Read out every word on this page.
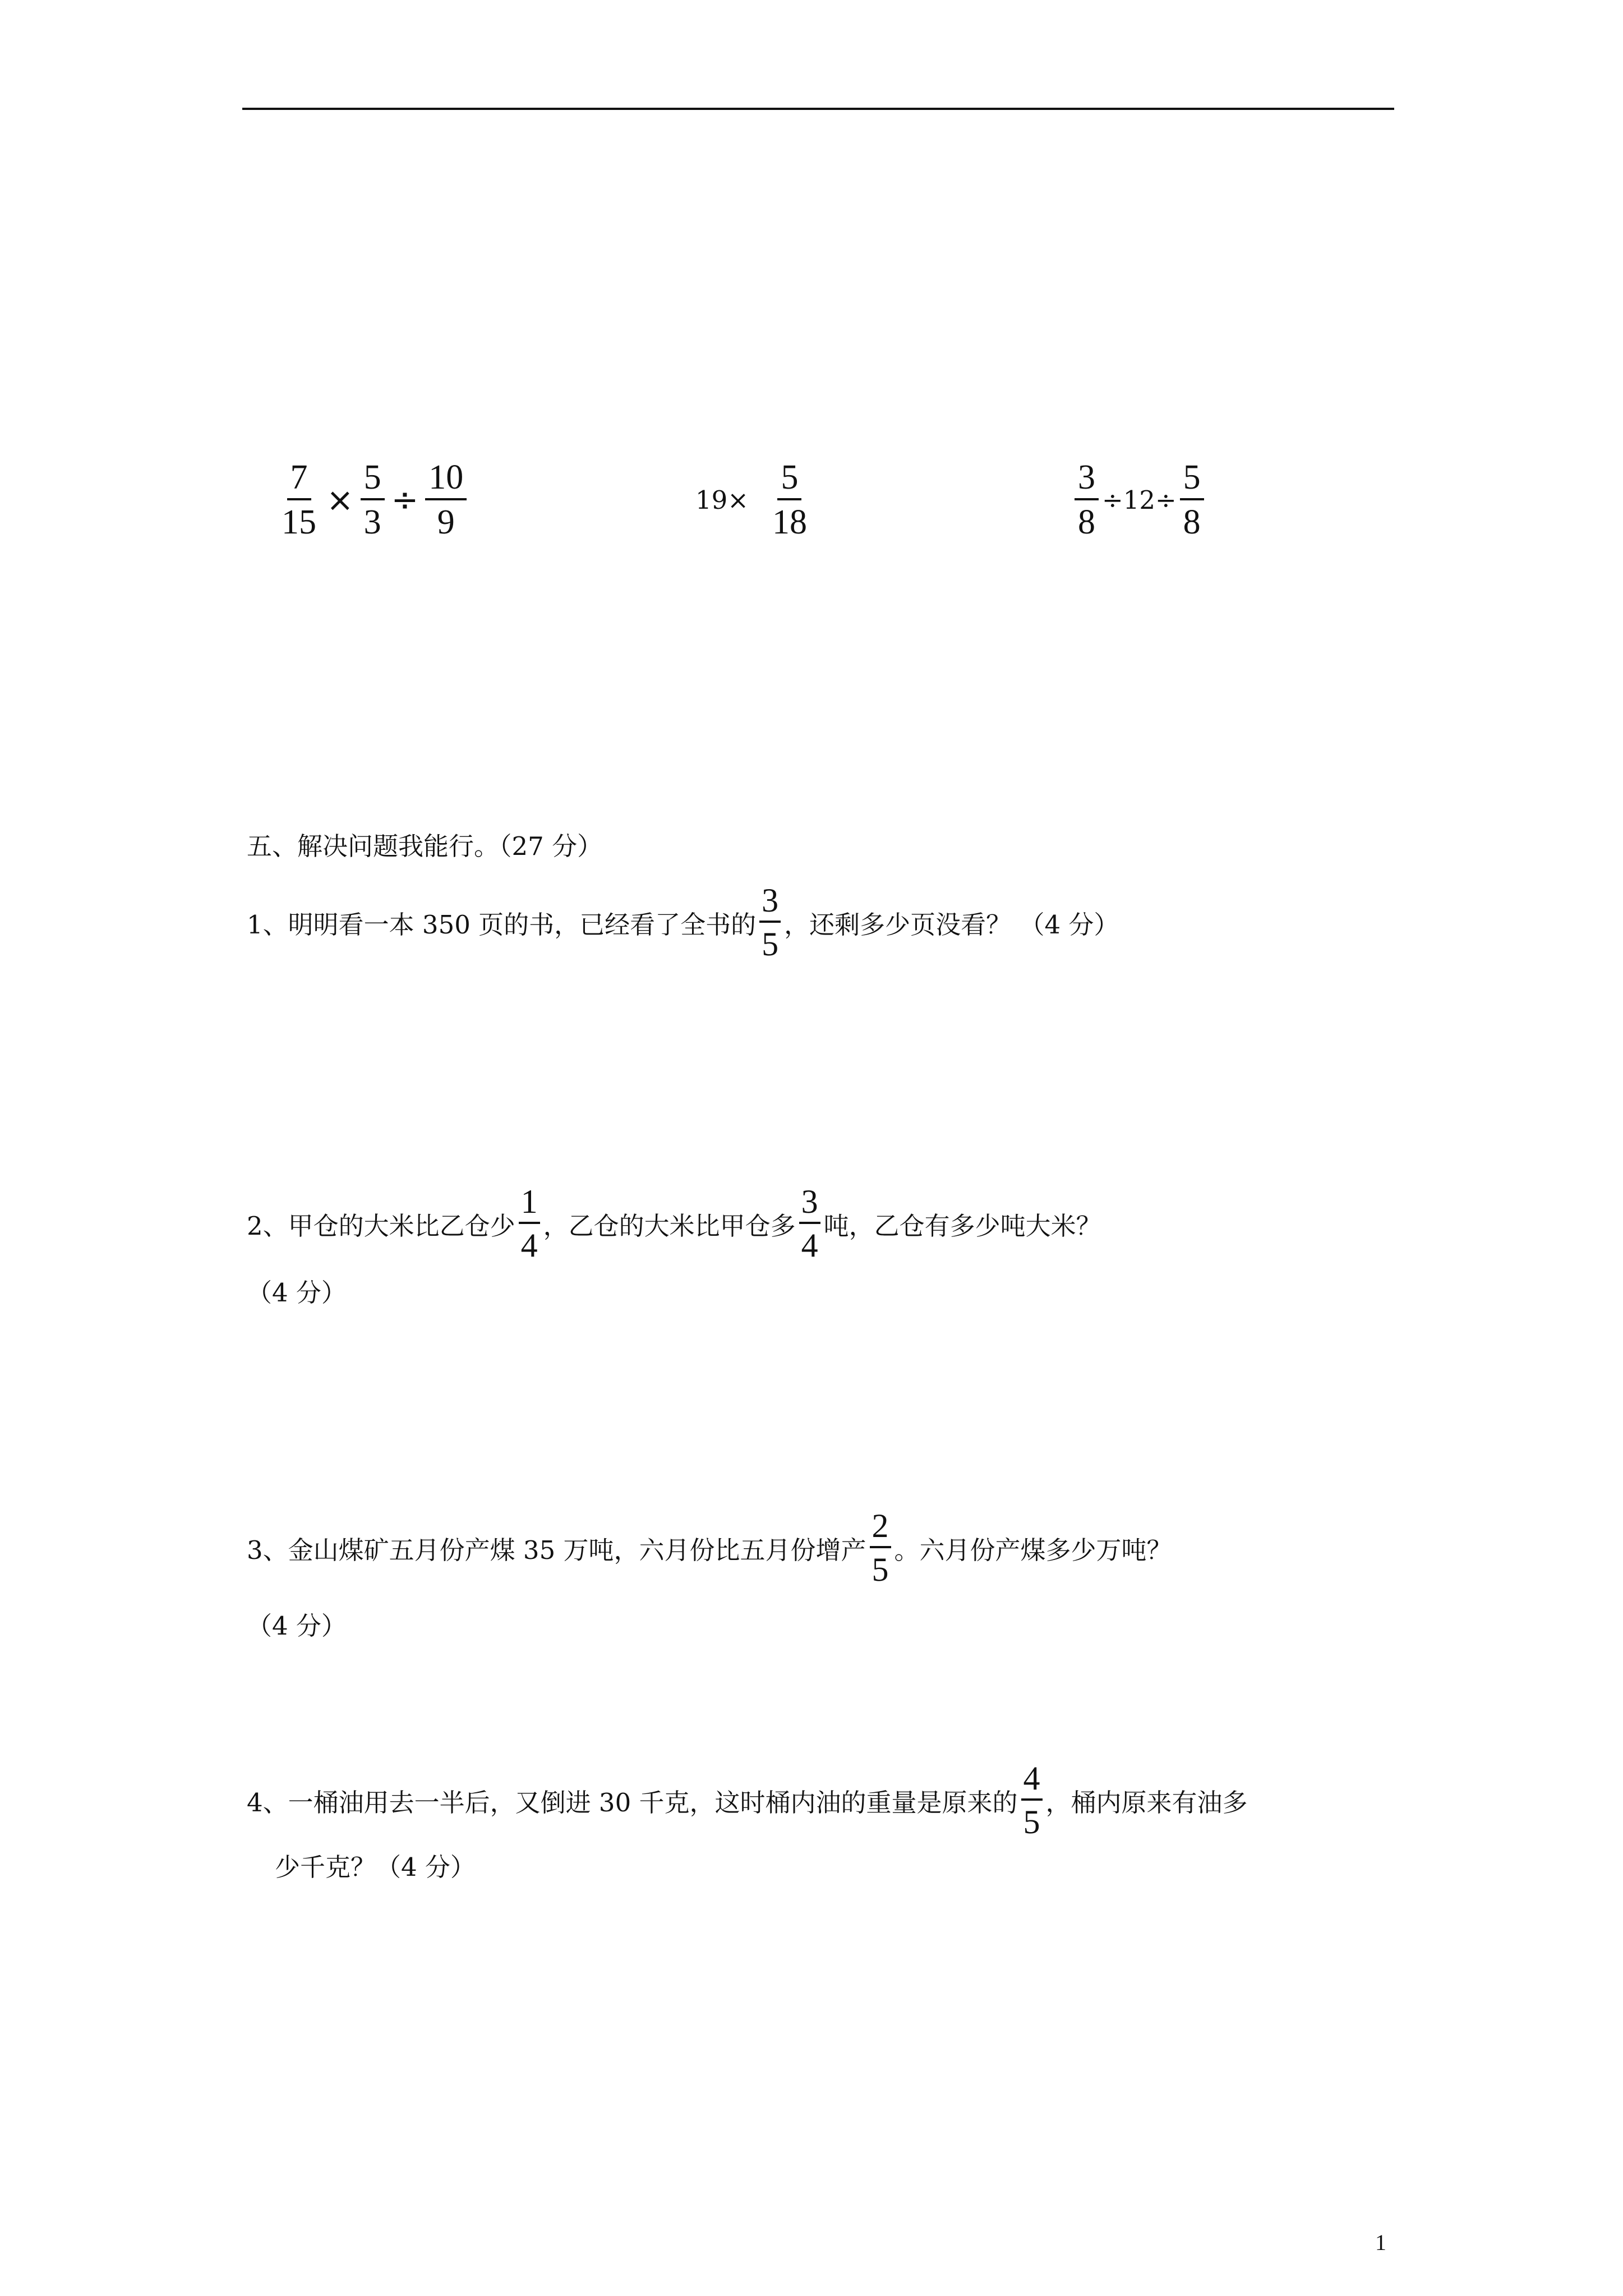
$\frac{7}{15} \times \frac{5}{3} \div \frac{10}{9}$	$19\times \frac{5}{18}$	$\frac{3}{8} \div 12\div \frac{5}{8}$
五、解决问题我能行。（27 分）
1、明明看一本 350 页的书，已经看了全书的 $\frac{3}{5}$ ，还剩多少页没看？ （4 分）
2、甲仓的大米比乙仓少 $\frac{1}{4}$ ，乙仓的大米比甲仓多 $\frac{3}{4}$ 吨，乙仓有多少吨大米？
（4 分）
3、金山煤矿五月份产煤 35 万吨，六月份比五月份增产 $\frac{2}{5}$ 。六月份产煤多少万吨？
（4 分）
4、一桶油用去一半后，又倒进 30 千克，这时桶内油的重量是原来的 $\frac{4}{5}$ ，桶内原来有油多
少千克？（4 分）
1
